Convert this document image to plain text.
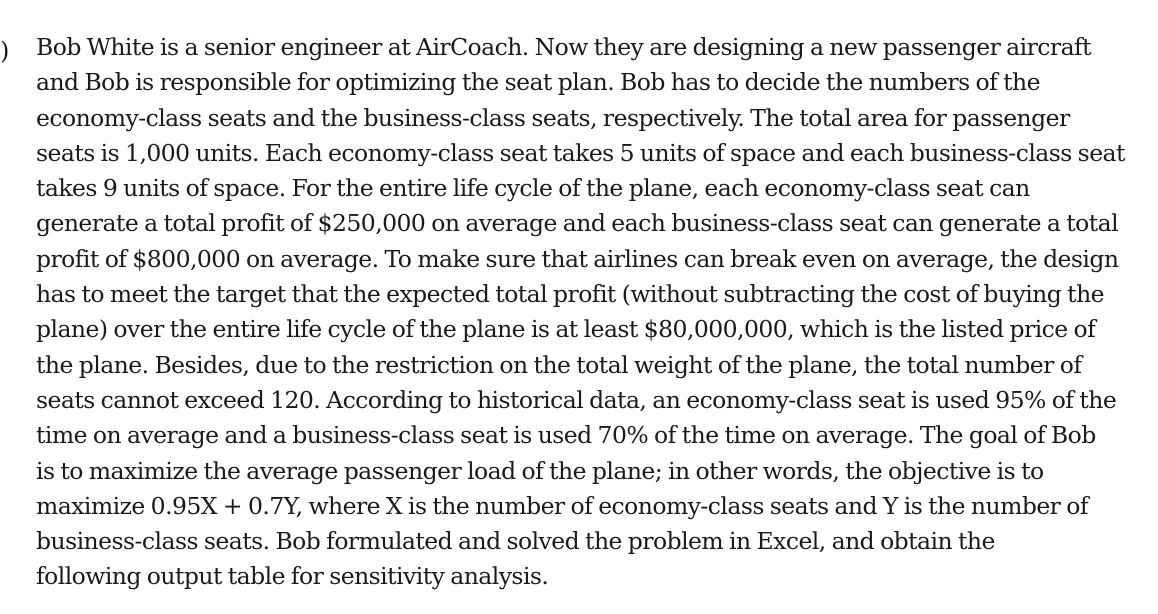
) Bob White is a senior engineer at AirCoach. Now they are designing a new passenger aircraft
and Bob is responsible for optimizing the seat plan. Bob has to decide the numbers of the
economy-class seats and the business-class seats, respectively. The total area for passenger
seats is 1,000 units. Each economy-class seat takes 5 units of space and each business-class seat
takes 9 units of space. For the entire life cycle of the plane, each economy-class seat can
generate a total profit of $250,000 on average and each business-class seat can generate a total
profit of $800,000 on average. To make sure that airlines can break even on average, the design
has to meet the target that the expected total profit (without subtracting the cost of buying the
plane) over the entire life cycle of the plane is at least $80,000,000, which is the listed price of
the plane. Besides, due to the restriction on the total weight of the plane, the total number of
seats cannot exceed 120. According to historical data, an economy-class seat is used 95% of the
time on average and a business-class seat is used 70% of the time on average. The goal of Bob
is to maximize the average passenger load of the plane; in other words, the objective is to
maximize 0.95X + 0.7Y, where X is the number of economy-class seats and Y is the number of
business-class seats. Bob formulated and solved the problem in Excel, and obtain the
following output table for sensitivity analysis.
